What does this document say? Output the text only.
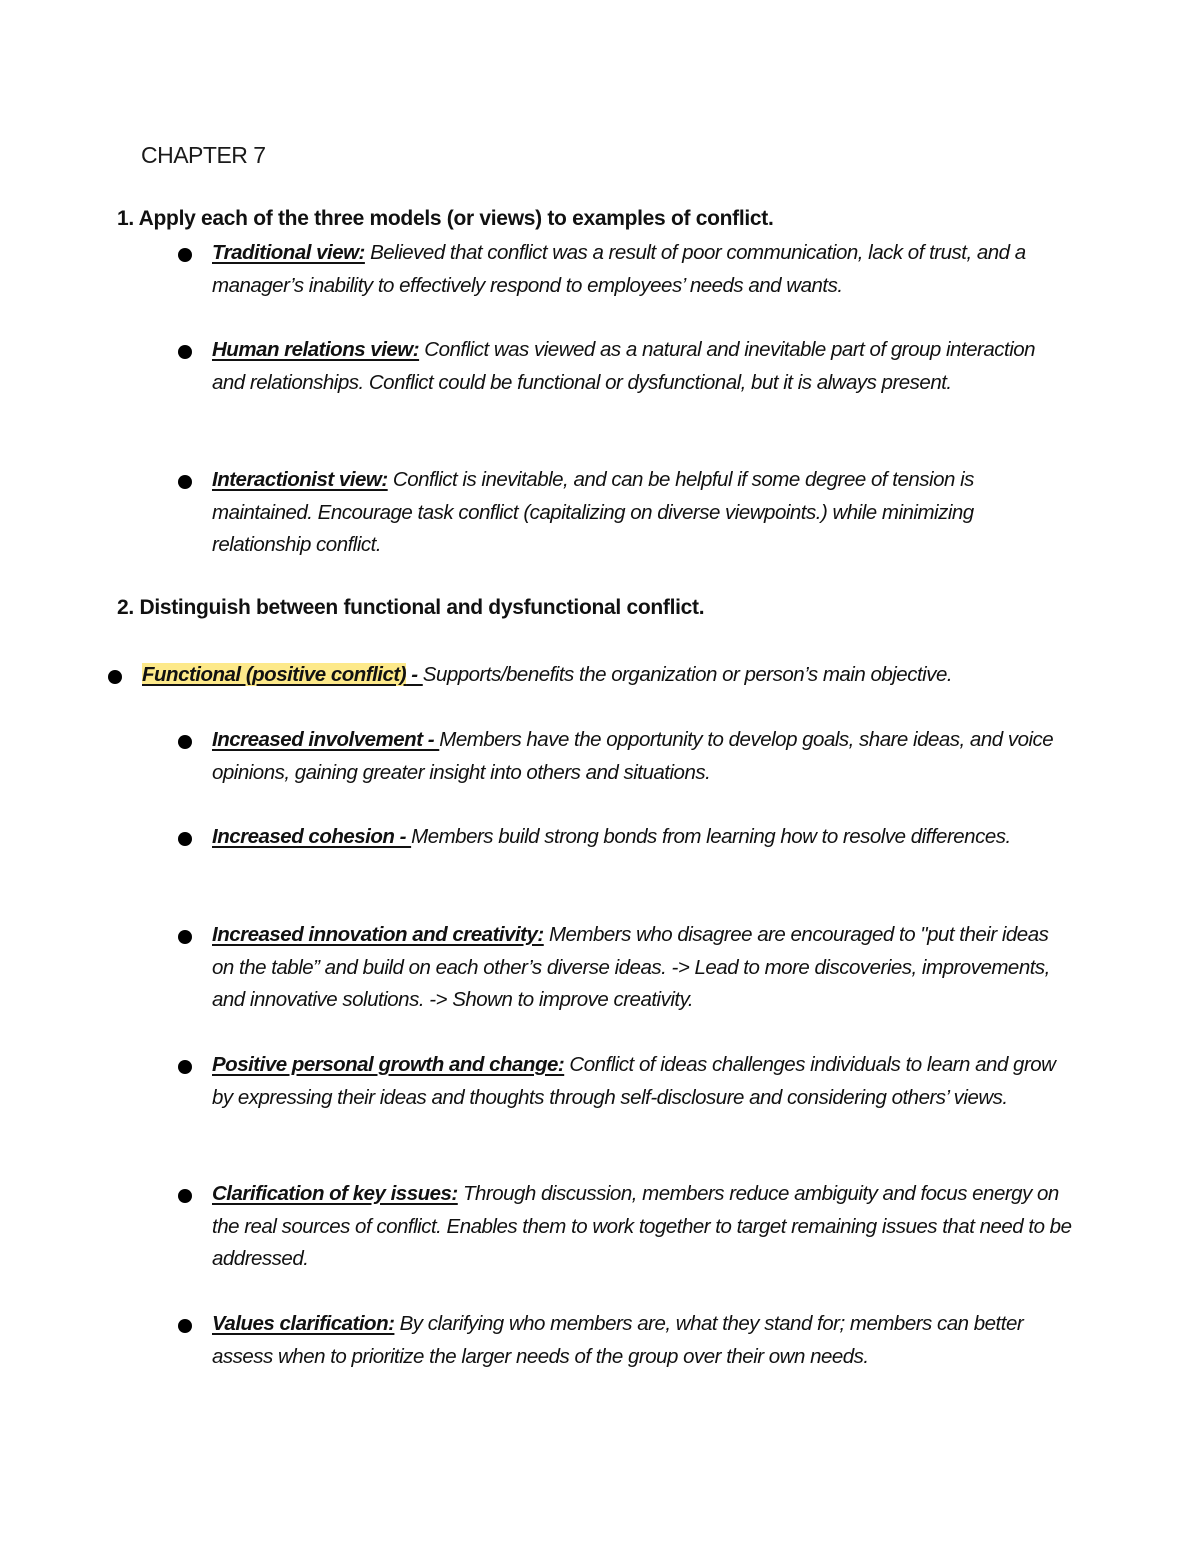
CHAPTER 7
1. Apply each of the three models (or views) to examples of conflict.
Traditional view: Believed that conflict was a result of poor communication, lack of trust, and a manager’s inability to effectively respond to employees’ needs and wants.
Human relations view: Conflict was viewed as a natural and inevitable part of group interaction and relationships. Conflict could be functional or dysfunctional, but it is always present.
Interactionist view: Conflict is inevitable, and can be helpful if some degree of tension is maintained. Encourage task conflict (capitalizing on diverse viewpoints.) while minimizing relationship conflict.
2. Distinguish between functional and dysfunctional conflict.
Functional (positive conflict) - Supports/benefits the organization or person’s main objective.
Increased involvement - Members have the opportunity to develop goals, share ideas, and voice opinions, gaining greater insight into others and situations.
Increased cohesion - Members build strong bonds from learning how to resolve differences.
Increased innovation and creativity: Members who disagree are encouraged to "put their ideas on the table” and build on each other’s diverse ideas. -> Lead to more discoveries, improvements, and innovative solutions. -> Shown to improve creativity.
Positive personal growth and change: Conflict of ideas challenges individuals to learn and grow by expressing their ideas and thoughts through self-disclosure and considering others’ views.
Clarification of key issues: Through discussion, members reduce ambiguity and focus energy on the real sources of conflict. Enables them to work together to target remaining issues that need to be addressed.
Values clarification: By clarifying who members are, what they stand for; members can better assess when to prioritize the larger needs of the group over their own needs.
